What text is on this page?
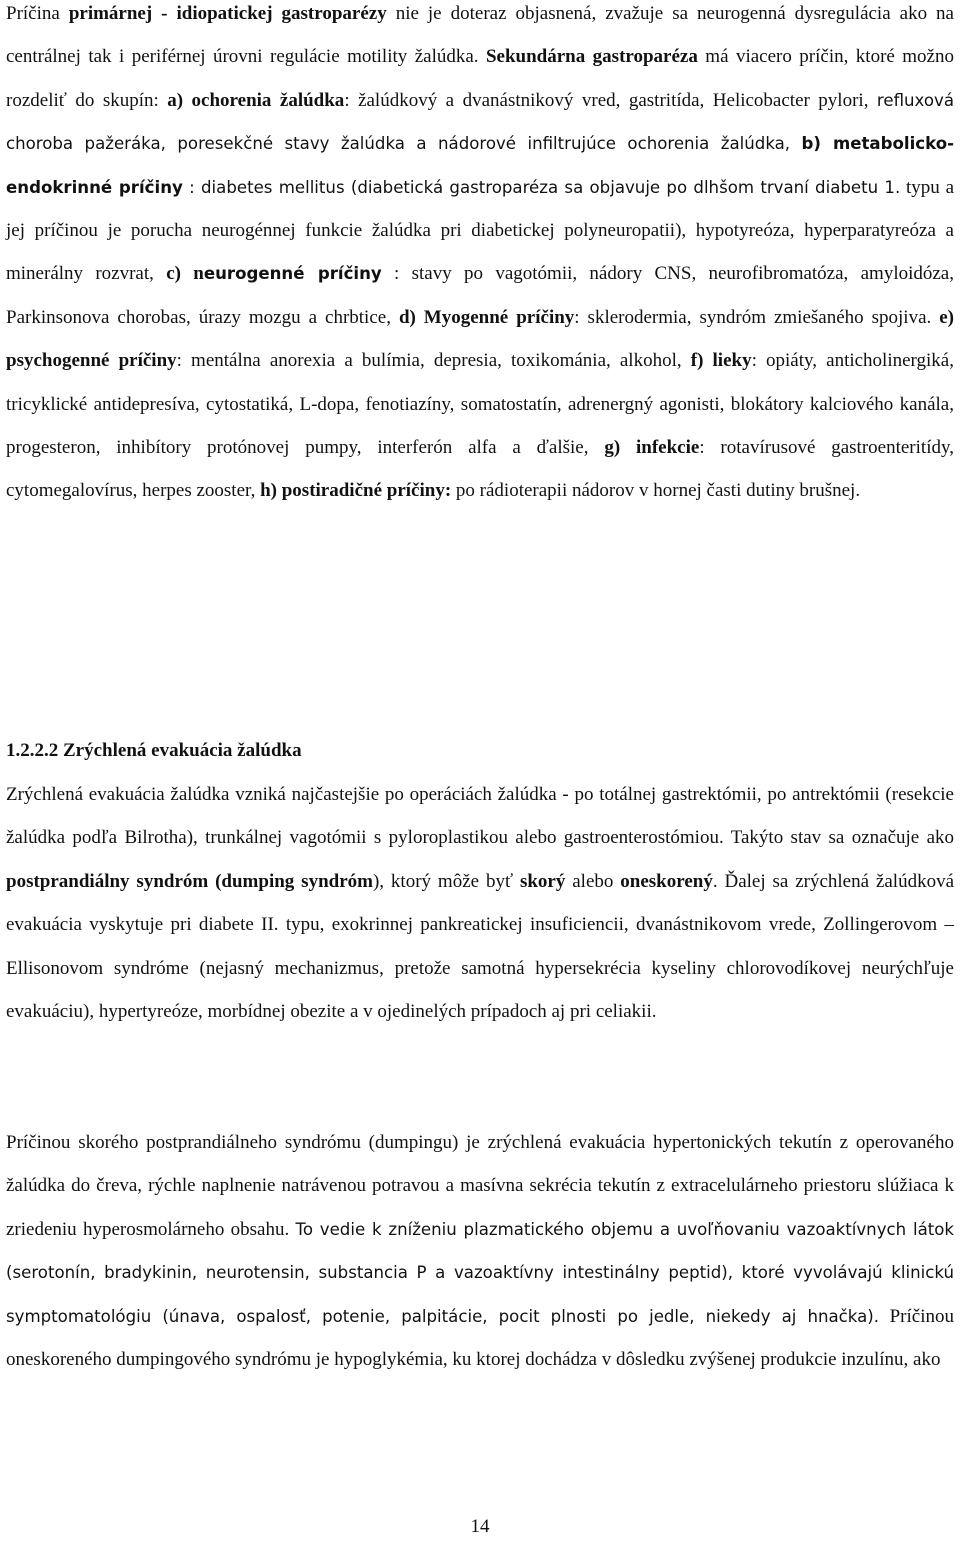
Príčina primárnej - idiopatickej gastroparézy nie je doteraz objasnená, zvažuje sa neurogenná dysregulácia ako na centrálnej tak i periférnej úrovni regulácie motility žalúdka. Sekundárna gastroparéza má viacero príčin, ktoré možno rozdeliť do skupín: a) ochorenia žalúdka: žalúdkový a dvanástnikový vred, gastritída, Helicobacter pylori, refluxová choroba pažeráka, poresekčné stavy žalúdka a nádorové infiltrujúce ochorenia žalúdka, b) metabolicko-endokrinné príčiny : diabetes mellitus (diabetická gastroparéza sa objavuje po dlhšom trvaní diabetu 1. typu a jej príčinou je porucha neurogénnej funkcie žalúdka pri diabetickej polyneuropatii), hypotyreóza, hyperparatyreóza a minerálny rozvrat, c) neurogenné príčiny : stavy po vagotómii, nádory CNS, neurofibromatóza, amyloidóza, Parkinsonova chorobas, úrazy mozgu a chrbtice, d) Myogenné príčiny: sklerodermia, syndróm zmiešaného spojiva. e) psychogenné príčiny: mentálna anorexia a bulímia, depresia, toxikománia, alkohol, f) lieky: opiáty, anticholinergiká, tricyklické antidepresíva, cytostatiká, L-dopa, fenotiazíny, somatostatín, adrenergný agonisti, blokátory kalciového kanála, progesteron, inhibítory protónovej pumpy, interferón alfa a ďalšie, g) infekcie: rotavírusové gastroenteritídy, cytomegalovírus, herpes zooster, h) postiradičné príčiny: po rádioterapii nádorov v hornej časti dutiny brušnej.

1.2.2.2 Zrýchlená evakuácia žalúdka

Zrýchlená evakuácia žalúdka vzniká najčastejšie po operáciách žalúdka - po totálnej gastrektómii, po antrektómii (resekcie žalúdka podľa Bilrotha), trunkálnej vagotómii s pyloroplastikou alebo gastroenterostómiou. Takýto stav sa označuje ako postprandiálny syndróm (dumping syndróm), ktorý môže byť skorý alebo oneskorený. Ďalej sa zrýchlená žalúdková evakuácia vyskytuje pri diabete II. typu, exokrinnej pankreatickej insuficiencii, dvanástnikovom vrede, Zollingerovom – Ellisonovom syndróme (nejasný mechanizmus, pretože samotná hypersekrécia kyseliny chlorovodíkovej neurýchľuje evakuáciu), hypertyreóze, morbídnej obezite a v ojedinelých prípadoch aj pri celiakii.

Príčinou skorého postprandiálneho syndrómu (dumpingu) je zrýchlená evakuácia hypertonických tekutín z operovaného žalúdka do čreva, rýchle naplnenie natrávenou potravou a masívna sekrécia tekutín z extracelulárneho priestoru slúžiaca k zriedeniu hyperosmolárneho obsahu. To vedie k zníženiu plazmatického objemu a uvoľňovaniu vazoaktívnych látok (serotonín, bradykinin, neurotensin, substancia P a vazoaktívny intestinálny peptid), ktoré vyvolávajú klinickú symptomatológiu (únava, ospalosť, potenie, palpitácie, pocit plnosti po jedle, niekedy aj hnačka). Príčinou oneskoreného dumpingového syndrómu je hypoglykémia, ku ktorej dochádza v dôsledku zvýšenej produkcie inzulínu, ako

14
